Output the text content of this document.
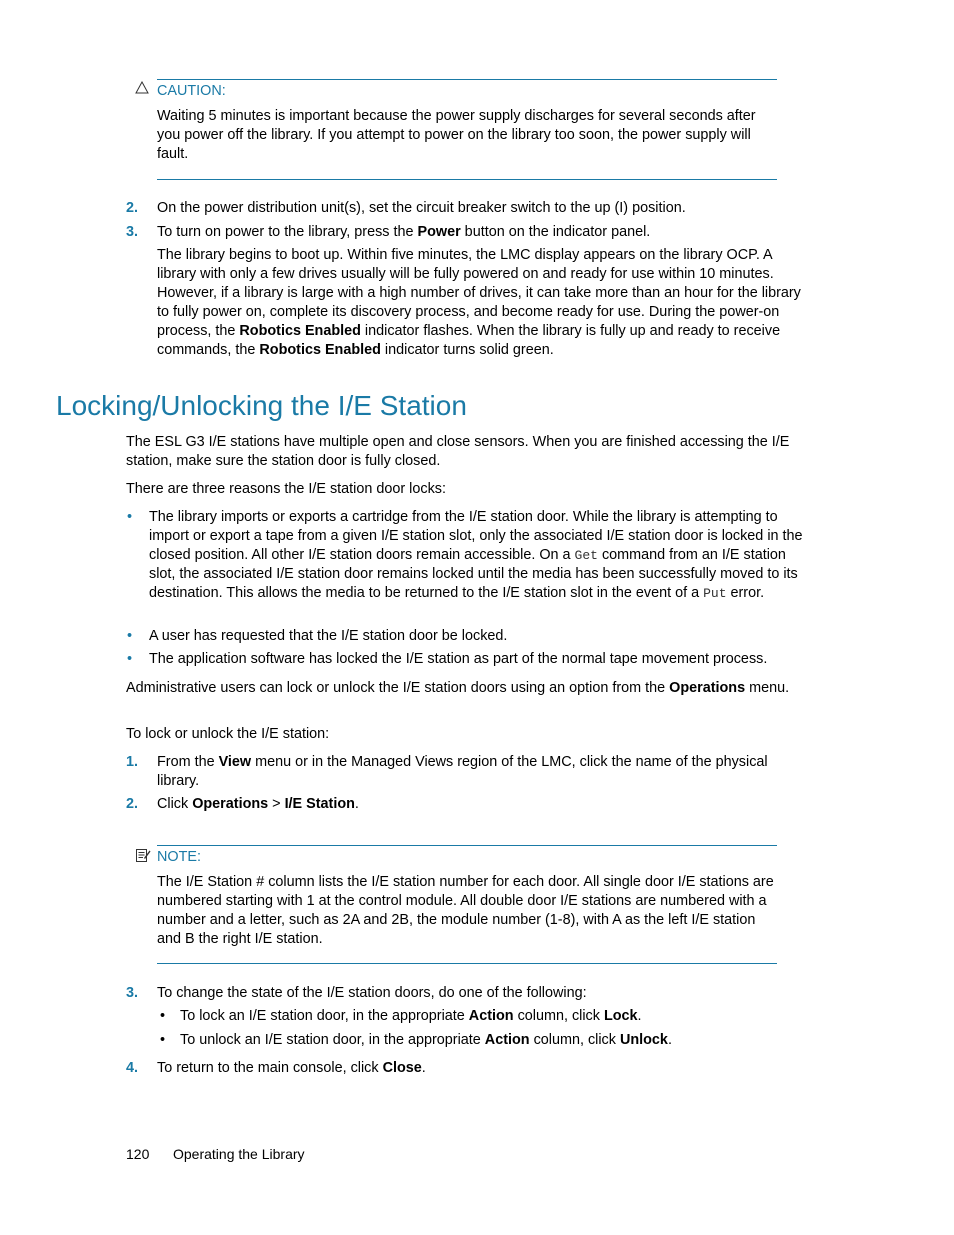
CAUTION:

Waiting 5 minutes is important because the power supply discharges for several seconds after you power off the library. If you attempt to power on the library too soon, the power supply will fault.

2. On the power distribution unit(s), set the circuit breaker switch to the up (I) position.

3. To turn on power to the library, press the Power button on the indicator panel.

The library begins to boot up. Within five minutes, the LMC display appears on the library OCP. A library with only a few drives usually will be fully powered on and ready for use within 10 minutes. However, if a library is large with a high number of drives, it can take more than an hour for the library to fully power on, complete its discovery process, and become ready for use. During the power-on process, the Robotics Enabled indicator flashes. When the library is fully up and ready to receive commands, the Robotics Enabled indicator turns solid green.

Locking/Unlocking the I/E Station

The ESL G3 I/E stations have multiple open and close sensors. When you are finished accessing the I/E station, make sure the station door is fully closed.

There are three reasons the I/E station door locks:

• The library imports or exports a cartridge from the I/E station door. While the library is attempting to import or export a tape from a given I/E station slot, only the associated I/E station door is locked in the closed position. All other I/E station doors remain accessible. On a Get command from an I/E station slot, the associated I/E station door remains locked until the media has been successfully moved to its destination. This allows the media to be returned to the I/E station slot in the event of a Put error.

• A user has requested that the I/E station door be locked.

• The application software has locked the I/E station as part of the normal tape movement process.

Administrative users can lock or unlock the I/E station doors using an option from the Operations menu.

To lock or unlock the I/E station:

1. From the View menu or in the Managed Views region of the LMC, click the name of the physical library.

2. Click Operations > I/E Station.

NOTE:

The I/E Station # column lists the I/E station number for each door. All single door I/E stations are numbered starting with 1 at the control module. All double door I/E stations are numbered with a number and a letter, such as 2A and 2B, the module number (1-8), with A as the left I/E station and B the right I/E station.

3. To change the state of the I/E station doors, do one of the following:

• To lock an I/E station door, in the appropriate Action column, click Lock.

• To unlock an I/E station door, in the appropriate Action column, click Unlock.

4. To return to the main console, click Close.

120 Operating the Library
